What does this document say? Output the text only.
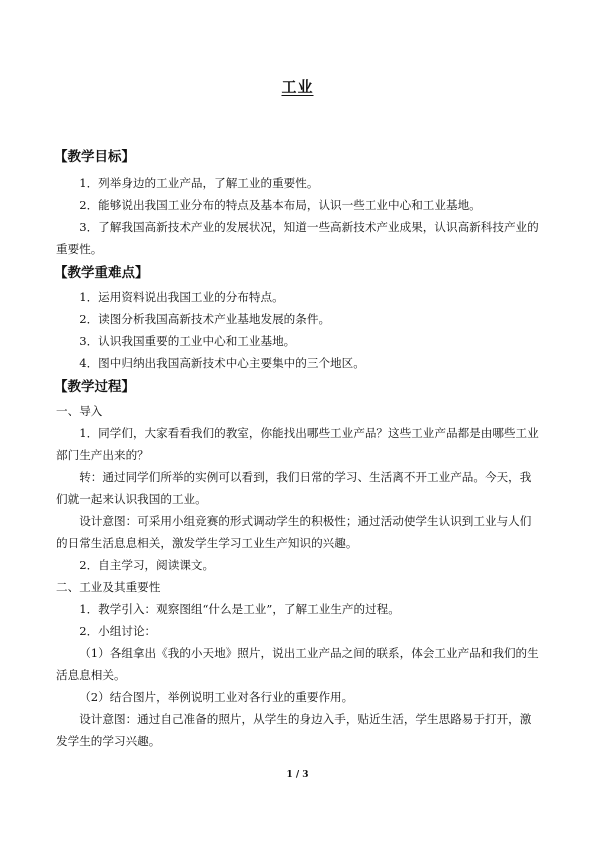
工业
【教学目标】

1．列举身边的工业产品，了解工业的重要性。

2．能够说出我国工业分布的特点及基本布局，认识一些工业中心和工业基地。

3．了解我国高新技术产业的发展状况，知道一些高新技术产业成果，认识高新科技产业的重要性。

【教学重难点】

1．运用资料说出我国工业的分布特点。

2．读图分析我国高新技术产业基地发展的条件。

3．认识我国重要的工业中心和工业基地。

4．图中归纳出我国高新技术中心主要集中的三个地区。

【教学过程】

一、导入

1．同学们，大家看看我们的教室，你能找出哪些工业产品？这些工业产品都是由哪些工业部门生产出来的？

转：通过同学们所举的实例可以看到，我们日常的学习、生活离不开工业产品。今天，我们就一起来认识我国的工业。

设计意图：可采用小组竞赛的形式调动学生的积极性；通过活动使学生认识到工业与人们的日常生活息息相关，激发学生学习工业生产知识的兴趣。

2．自主学习，阅读课文。

二、工业及其重要性

1．教学引入：观察图组“什么是工业”，了解工业生产的过程。

2．小组讨论：

（1）各组拿出《我的小天地》照片，说出工业产品之间的联系，体会工业产品和我们的生活息息相关。

（2）结合图片，举例说明工业对各行业的重要作用。

设计意图：通过自己准备的照片，从学生的身边入手，贴近生活，学生思路易于打开，激发学生的学习兴趣。

1 / 3
